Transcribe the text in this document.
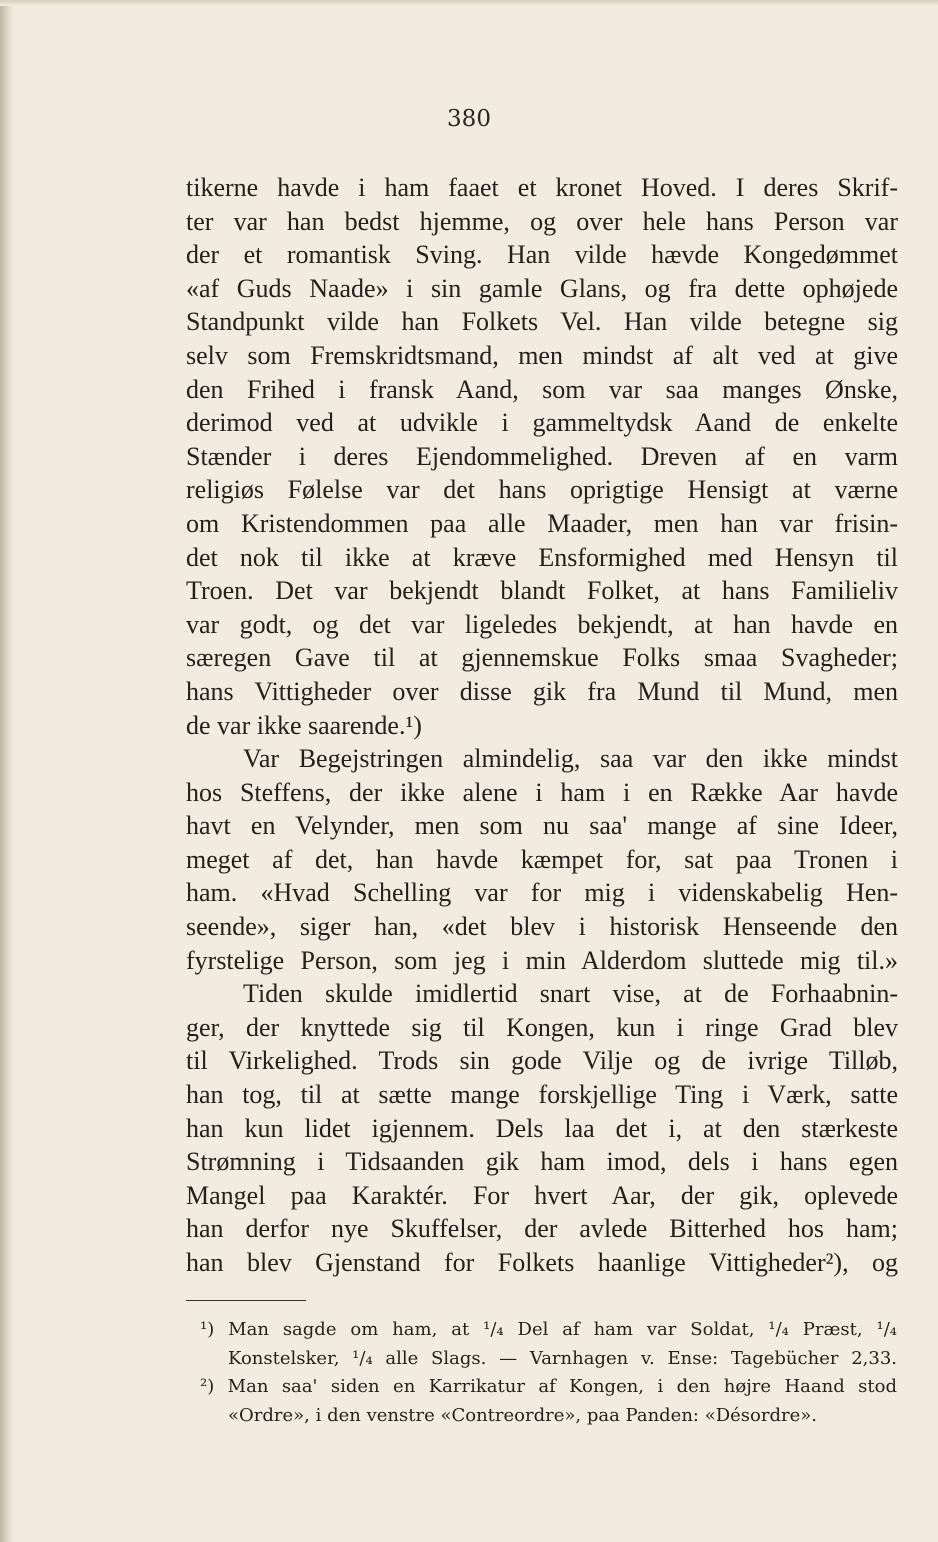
380
tikerne havde i ham faaet et kronet Hoved. I deres Skrif-
ter var han bedst hjemme, og over hele hans Person var
der et romantisk Sving. Han vilde hævde Kongedømmet
«af Guds Naade» i sin gamle Glans, og fra dette ophøjede
Standpunkt vilde han Folkets Vel. Han vilde betegne sig
selv som Fremskridtsmand, men mindst af alt ved at give
den Frihed i fransk Aand, som var saa manges Ønske,
derimod ved at udvikle i gammeltydsk Aand de enkelte
Stænder i deres Ejendommelighed. Dreven af en varm
religiøs Følelse var det hans oprigtige Hensigt at værne
om Kristendommen paa alle Maader, men han var frisin-
det nok til ikke at kræve Ensformighed med Hensyn til
Troen. Det var bekjendt blandt Folket, at hans Familieliv
var godt, og det var ligeledes bekjendt, at han havde en
særegen Gave til at gjennemskue Folks smaa Svagheder;
hans Vittigheder over disse gik fra Mund til Mund, men
de var ikke saarende.¹)
Var Begejstringen almindelig, saa var den ikke mindst
hos Steffens, der ikke alene i ham i en Række Aar havde
havt en Velynder, men som nu saa' mange af sine Ideer,
meget af det, han havde kæmpet for, sat paa Tronen i
ham. «Hvad Schelling var for mig i videnskabelig Hen-
seende», siger han, «det blev i historisk Henseende den
fyrstelige Person, som jeg i min Alderdom sluttede mig til.»
Tiden skulde imidlertid snart vise, at de Forhaabnin-
ger, der knyttede sig til Kongen, kun i ringe Grad blev
til Virkelighed. Trods sin gode Vilje og de ivrige Tilløb,
han tog, til at sætte mange forskjellige Ting i Værk, satte
han kun lidet igjennem. Dels laa det i, at den stærkeste
Strømning i Tidsaanden gik ham imod, dels i hans egen
Mangel paa Karaktér. For hvert Aar, der gik, oplevede
han derfor nye Skuffelser, der avlede Bitterhed hos ham;
han blev Gjenstand for Folkets haanlige Vittigheder²), og
¹) Man sagde om ham, at ¹/₄ Del af ham var Soldat, ¹/₄ Præst, ¹/₄
Konstelsker, ¹/₄ alle Slags. — Varnhagen v. Ense: Tagebücher 2,33.
²) Man saa' siden en Karrikatur af Kongen, i den højre Haand stod
«Ordre», i den venstre «Contreordre», paa Panden: «Désordre».
